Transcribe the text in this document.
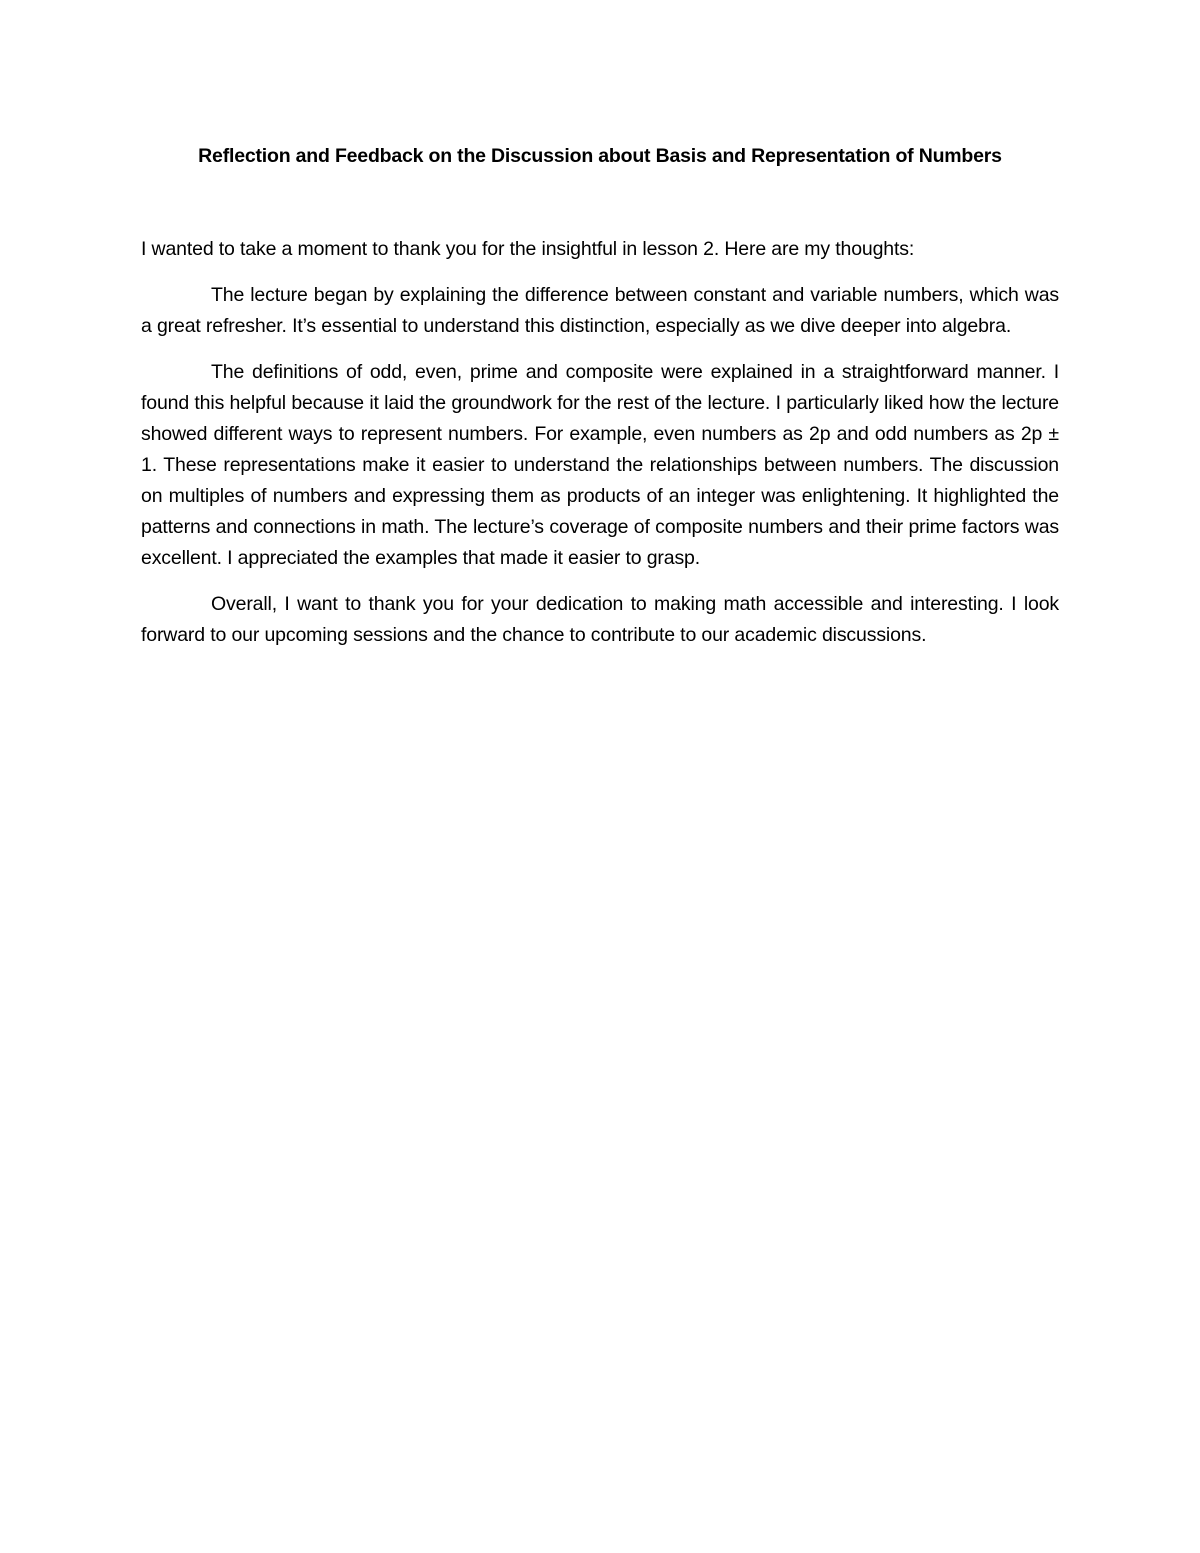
Reflection and Feedback on the Discussion about Basis and Representation of Numbers

I wanted to take a moment to thank you for the insightful in lesson 2. Here are my thoughts:

The lecture began by explaining the difference between constant and variable numbers, which was a great refresher. It’s essential to understand this distinction, especially as we dive deeper into algebra.

The definitions of odd, even, prime and composite were explained in a straightforward manner. I found this helpful because it laid the groundwork for the rest of the lecture. I particularly liked how the lecture showed different ways to represent numbers. For example, even numbers as 2p and odd numbers as 2p ± 1. These representations make it easier to understand the relationships between numbers. The discussion on multiples of numbers and expressing them as products of an integer was enlightening. It highlighted the patterns and connections in math. The lecture’s coverage of composite numbers and their prime factors was excellent. I appreciated the examples that made it easier to grasp.

Overall, I want to thank you for your dedication to making math accessible and interesting. I look forward to our upcoming sessions and the chance to contribute to our academic discussions.
